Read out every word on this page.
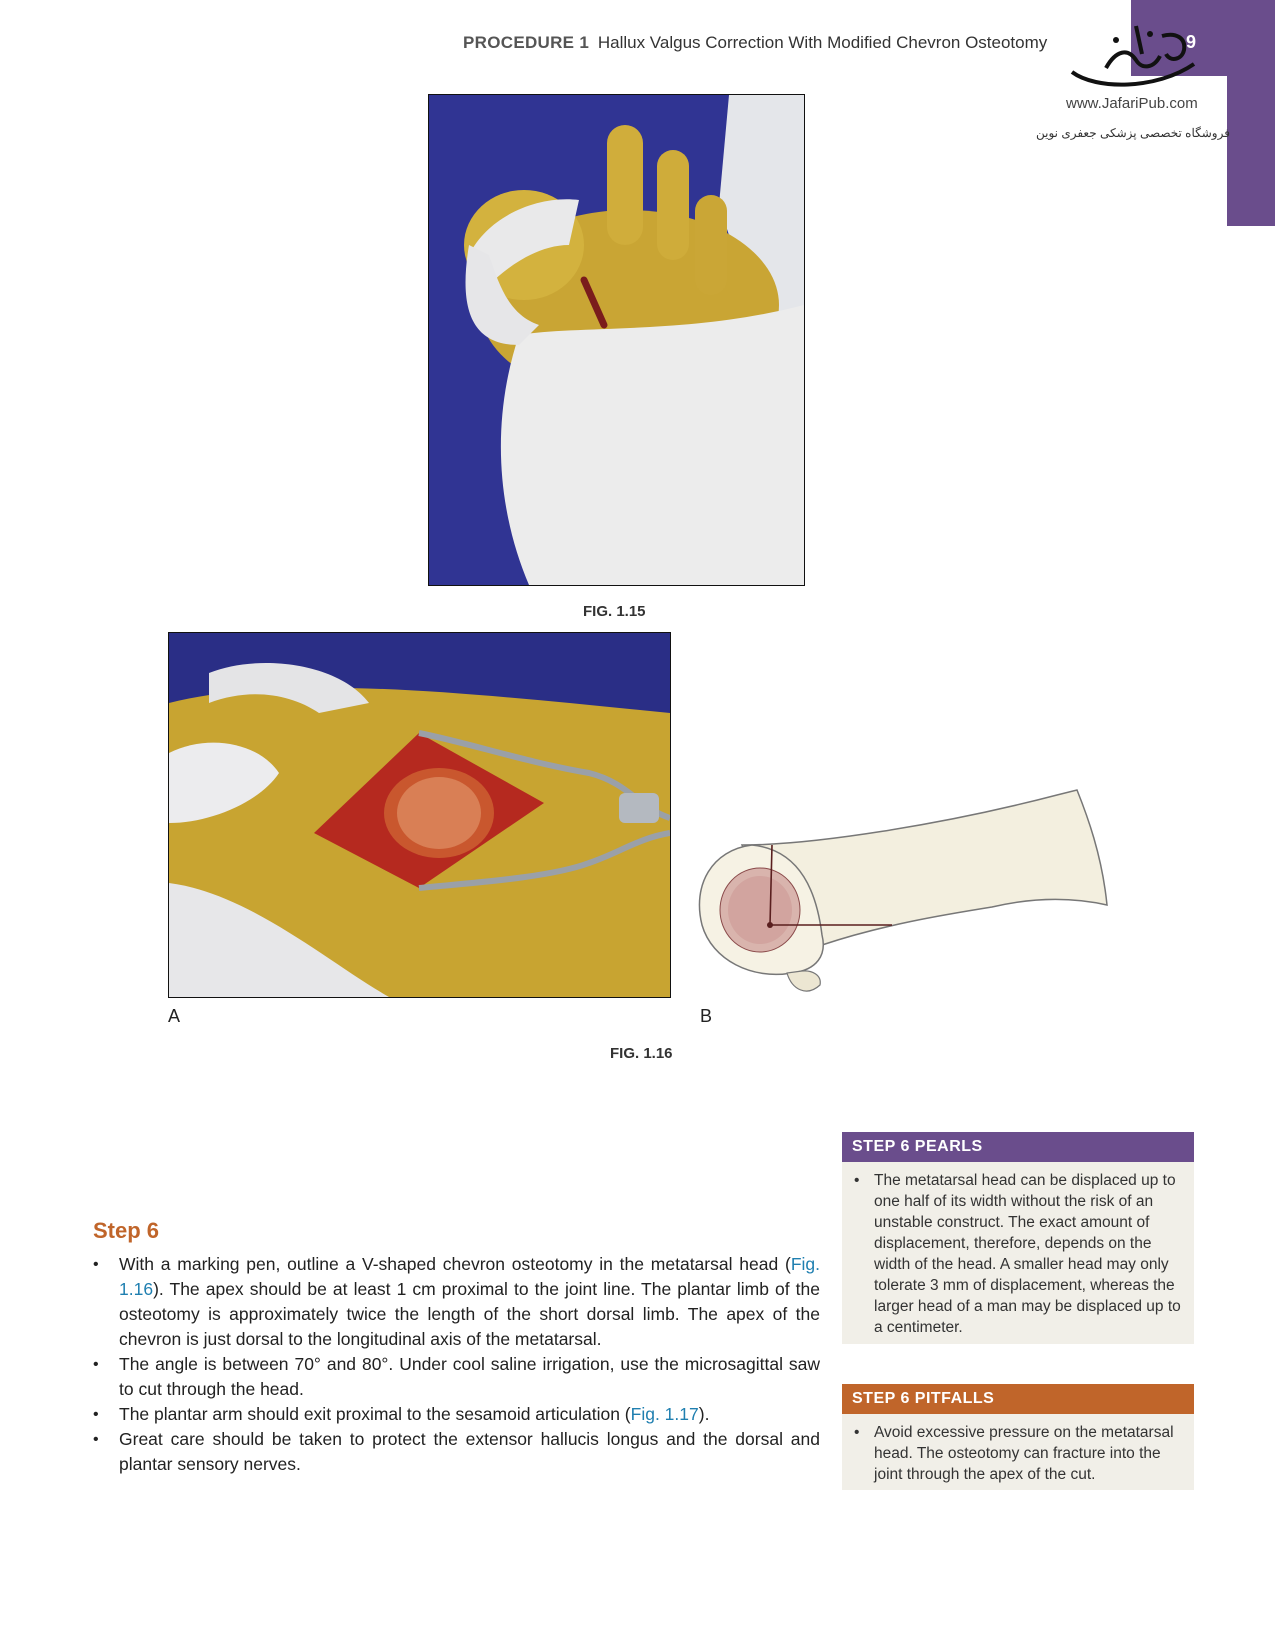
9
PROCEDURE 1 Hallux Valgus Correction With Modified Chevron Osteotomy
www.JafariPub.com
فروشگاه تخصصی پزشکی جعفری نوین
FIG. 1.15
A	B
FIG. 1.16
Step 6
• With a marking pen, outline a V-shaped chevron osteotomy in the metatarsal head (Fig. 1.16). The apex should be at least 1 cm proximal to the joint line. The plantar limb of the osteotomy is approximately twice the length of the short dorsal limb. The apex of the chevron is just dorsal to the longitudinal axis of the metatarsal.
• The angle is between 70° and 80°. Under cool saline irrigation, use the microsagittal saw to cut through the head.
• The plantar arm should exit proximal to the sesamoid articulation (Fig. 1.17).
• Great care should be taken to protect the extensor hallucis longus and the dorsal and plantar sensory nerves.
STEP 6 PEARLS
• The metatarsal head can be displaced up to one half of its width without the risk of an unstable construct. The exact amount of displacement, therefore, depends on the width of the head. A smaller head may only tolerate 3 mm of displacement, whereas the larger head of a man may be displaced up to a centimeter.
STEP 6 PITFALLS
• Avoid excessive pressure on the metatarsal head. The osteotomy can fracture into the joint through the apex of the cut.
